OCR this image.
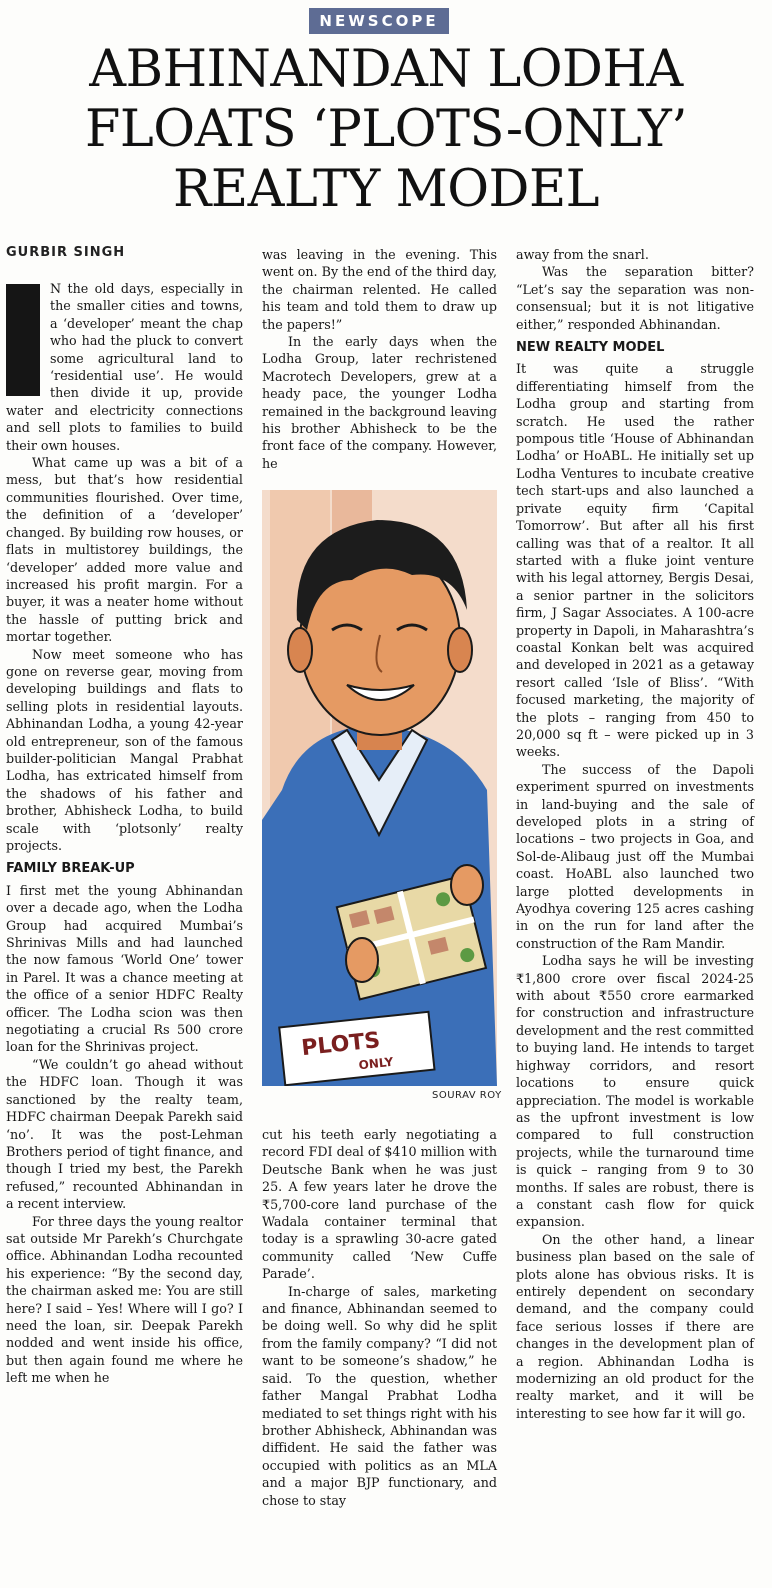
NEWSCOPE
ABHINANDAN LODHA
FLOATS ‘PLOTS-ONLY’
REALTY MODEL
GURBIR SINGH

N the old days, especially in the smaller cities and towns, a ‘developer’ meant the chap who had the pluck to convert some agricultural land to ‘residential use’. He would then divide it up, provide water and electricity connections and sell plots to families to build their own houses.

What came up was a bit of a mess, but that’s how residential communities flourished. Over time, the definition of a ‘developer’ changed. By building row houses, or flats in multistorey buildings, the ‘developer’ added more value and increased his profit margin. For a buyer, it was a neater home without the hassle of putting brick and mortar together.

Now meet someone who has gone on reverse gear, moving from developing buildings and flats to selling plots in residential layouts. Abhinandan Lodha, a young 42-year old entrepreneur, son of the famous builder-politician Mangal Prabhat Lodha, has extricated himself from the shadows of his father and brother, Abhisheck Lodha, to build scale with ‘plotsonly’ realty projects.

FAMILY BREAK-UP

I first met the young Abhinandan over a decade ago, when the Lodha Group had acquired Mumbai’s Shrinivas Mills and had launched the now famous ‘World One’ tower in Parel. It was a chance meeting at the office of a senior HDFC Realty officer. The Lodha scion was then negotiating a crucial Rs 500 crore loan for the Shrinivas project.

“We couldn’t go ahead without the HDFC loan. Though it was sanctioned by the realty team, HDFC chairman Deepak Parekh said ‘no’. It was the post-Lehman Brothers period of tight finance, and though I tried my best, the Parekh refused,” recounted Abhinandan in a recent interview.

For three days the young realtor sat outside Mr Parekh’s Churchgate office. Abhinandan Lodha recounted his experience: “By the second day, the chairman asked me: You are still here? I said – Yes! Where will I go? I need the loan, sir. Deepak Parekh nodded and went inside his office, but then again found me where he left me when he

was leaving in the evening. This went on. By the end of the third day, the chairman relented. He called his team and told them to draw up the papers!”

In the early days when the Lodha Group, later rechristened Macrotech Developers, grew at a heady pace, the younger Lodha remained in the background leaving his brother Abhisheck to be the front face of the company. However, he

PLOTS
ONLY
SOURAV ROY

cut his teeth early negotiating a record FDI deal of $410 million with Deutsche Bank when he was just 25. A few years later he drove the ₹5,700-core land purchase of the Wadala container terminal that today is a sprawling 30-acre gated community called ‘New Cuffe Parade’.

In-charge of sales, marketing and finance, Abhinandan seemed to be doing well. So why did he split from the family company? “I did not want to be someone’s shadow,” he said. To the question, whether father Mangal Prabhat Lodha mediated to set things right with his brother Abhisheck, Abhinandan was diffident. He said the father was occupied with politics as an MLA and a major BJP functionary, and chose to stay

away from the snarl.

Was the separation bitter? “Let’s say the separation was non-consensual; but it is not litigative either,” responded Abhinandan.

NEW REALTY MODEL

It was quite a struggle differentiating himself from the Lodha group and starting from scratch. He used the rather pompous title ‘House of Abhinandan Lodha’ or HoABL. He initially set up Lodha Ventures to incubate creative tech start-ups and also launched a private equity firm ‘Capital Tomorrow’. But after all his first calling was that of a realtor. It all started with a fluke joint venture with his legal attorney, Bergis Desai, a senior partner in the solicitors firm, J Sagar Associates. A 100-acre property in Dapoli, in Maharashtra’s coastal Konkan belt was acquired and developed in 2021 as a getaway resort called ‘Isle of Bliss’. “With focused marketing, the majority of the plots – ranging from 450 to 20,000 sq ft – were picked up in 3 weeks.

The success of the Dapoli experiment spurred on investments in land-buying and the sale of developed plots in a string of locations – two projects in Goa, and Sol-de-Alibaug just off the Mumbai coast. HoABL also launched two large plotted developments in Ayodhya covering 125 acres cashing in on the run for land after the construction of the Ram Mandir.

Lodha says he will be investing ₹1,800 crore over fiscal 2024-25 with about ₹550 crore earmarked for construction and infrastructure development and the rest committed to buying land. He intends to target highway corridors, and resort locations to ensure quick appreciation. The model is workable as the upfront investment is low compared to full construction projects, while the turnaround time is quick – ranging from 9 to 30 months. If sales are robust, there is a constant cash flow for quick expansion.

On the other hand, a linear business plan based on the sale of plots alone has obvious risks. It is entirely dependent on secondary demand, and the company could face serious losses if there are changes in the development plan of a region. Abhinandan Lodha is modernizing an old product for the realty market, and it will be interesting to see how far it will go.
